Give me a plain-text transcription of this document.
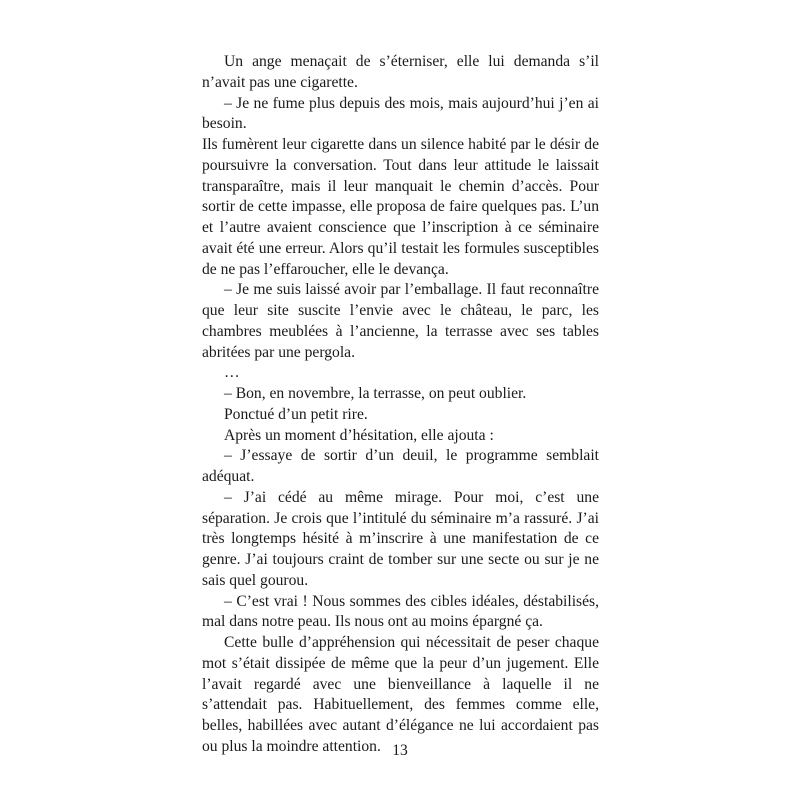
Un ange menaçait de s’éterniser, elle lui demanda s’il n’avait pas une cigarette.

– Je ne fume plus depuis des mois, mais aujourd’hui j’en ai besoin.

Ils fumèrent leur cigarette dans un silence habité par le désir de poursuivre la conversation. Tout dans leur attitude le laissait transparaître, mais il leur manquait le chemin d’accès. Pour sortir de cette impasse, elle proposa de faire quelques pas. L’un et l’autre avaient conscience que l’inscription à ce séminaire avait été une erreur. Alors qu’il testait les formules susceptibles de ne pas l’effaroucher, elle le devança.

– Je me suis laissé avoir par l’emballage. Il faut reconnaître que leur site suscite l’envie avec le château, le parc, les chambres meublées à l’ancienne, la terrasse avec ses tables abritées par une pergola.

…

– Bon, en novembre, la terrasse, on peut oublier.

Ponctué d’un petit rire.

Après un moment d’hésitation, elle ajouta :

– J’essaye de sortir d’un deuil, le programme semblait adéquat.

– J’ai cédé au même mirage. Pour moi, c’est une séparation. Je crois que l’intitulé du séminaire m’a rassuré. J’ai très longtemps hésité à m’inscrire à une manifestation de ce genre. J’ai toujours craint de tomber sur une secte ou sur je ne sais quel gourou.

– C’est vrai ! Nous sommes des cibles idéales, déstabilisés, mal dans notre peau. Ils nous ont au moins épargné ça.

Cette bulle d’appréhension qui nécessitait de peser chaque mot s’était dissipée de même que la peur d’un jugement. Elle l’avait regardé avec une bienveillance à laquelle il ne s’attendait pas. Habituellement, des femmes comme elle, belles, habillées avec autant d’élégance ne lui accordaient pas ou plus la moindre attention. 13
